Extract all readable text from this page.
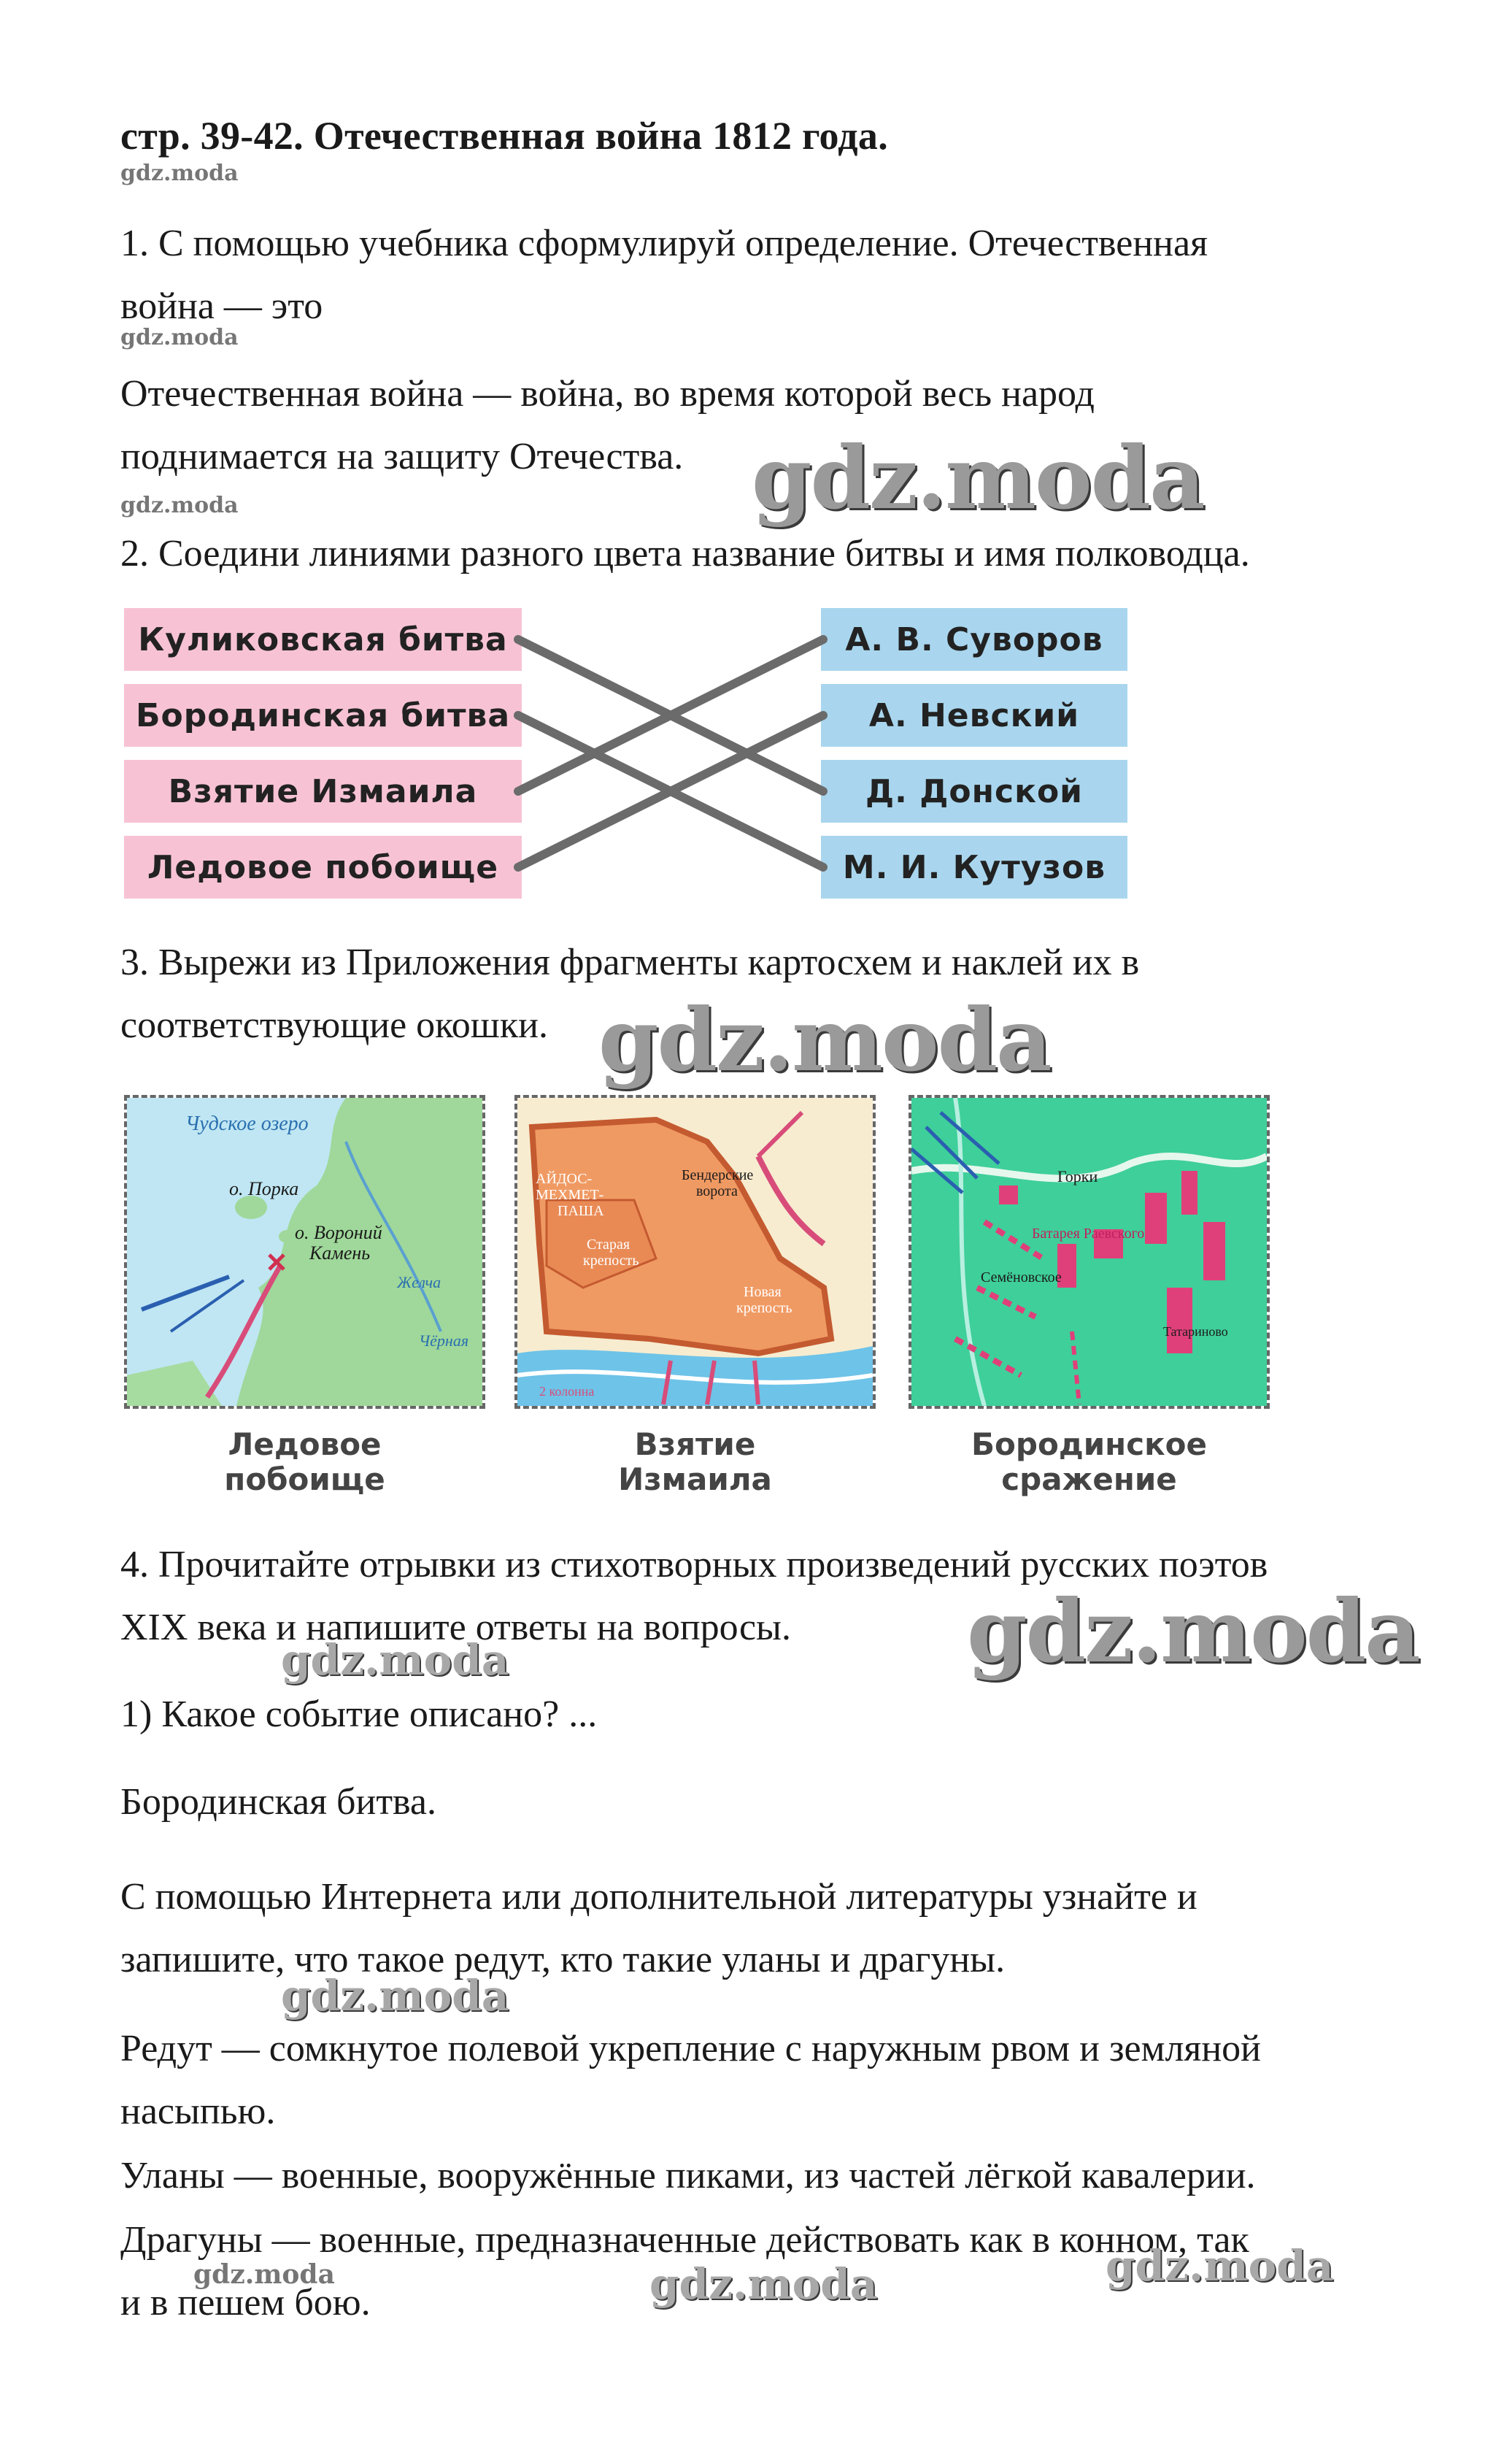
стр. 39-42. Отечественная война 1812 года.
gdz.moda
1. С помощью учебника сформулируй определение. Отечественная
война — это
gdz.moda
Отечественная война — война, во время которой весь народ
поднимается на защиту Отечества. gdz.moda
gdz.moda
2. Соедини линиями разного цвета название битвы и имя полководца.
Куликовская битва
Бородинская битва
Взятие Измаила
Ледовое побоище
А. В. Суворов
А. Невский
Д. Донской
М. И. Кутузов
3. Вырежи из Приложения фрагменты картосхем и наклей их в
соответствующие окошки. gdz.moda
Чудское озеро
о. Порка
о. Вороний
Камень
Желча
Чёрная
АЙДОС-
МЕХМЕТ-
ПАША
Бендерские
ворота
Старая
крепость
Новая
крепость
2 колонна
Горки
Батарея Раевского
Семёновское
Татариново
Ледовое
побоище
Взятие
Измаила
Бородинское
сражение
4. Прочитайте отрывки из стихотворных произведений русских поэтов
XIX века и напишите ответы на вопросы.	gdz.moda
gdz.moda
1) Какое событие описано? ...
Бородинская битва.
С помощью Интернета или дополнительной литературы узнайте и
запишите, что такое редут, кто такие уланы и драгуны.
gdz.moda
Редут — сомкнутое полевой укрепление с наружным рвом и земляной
насыпью.
Уланы — военные, вооружённые пиками, из частей лёгкой кавалерии.
Драгуны — военные, предназначенные действовать как в конном, так
и в пешем бою.
gdz.moda	gdz.moda	gdz.moda
